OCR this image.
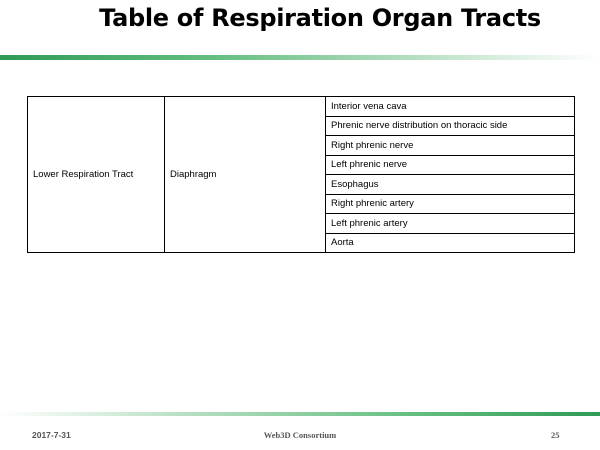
Table of Respiration Organ Tracts
Lower Respiration Tract	Diaphragm	Interior vena cava
Phrenic nerve distribution on thoracic side
Right phrenic nerve
Left phrenic nerve
Esophagus
Right phrenic artery
Left phrenic artery
Aorta
2017-7-31	Web3D Consortium	25
